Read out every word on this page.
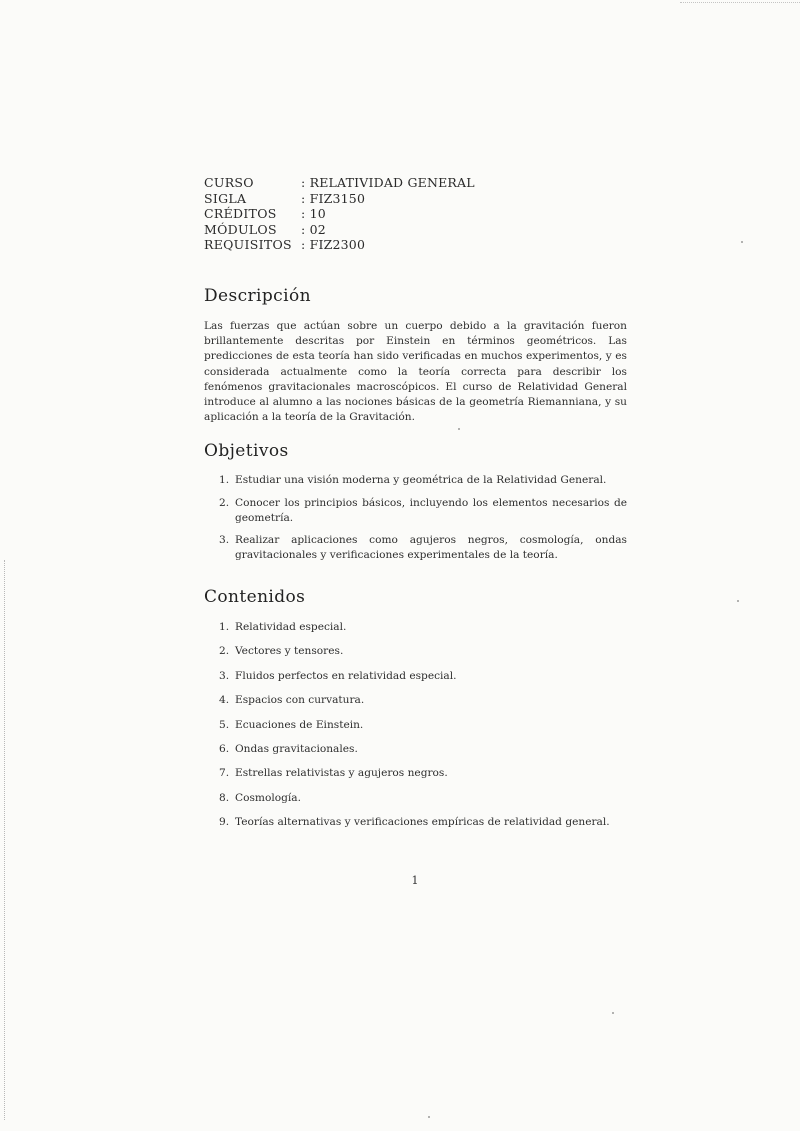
CURSO	: RELATIVIDAD GENERAL
SIGLA	: FIZ3150
CRÉDITOS	: 10
MÓDULOS	: 02
REQUISITOS	: FIZ2300
Descripción

Las fuerzas que actúan sobre un cuerpo debido a la gravitación fueron brillantemente descritas por Einstein en términos geométricos. Las predicciones de esta teoría han sido verificadas en muchos experimentos, y es considerada actualmente como la teoría correcta para describir los fenómenos gravitacionales macroscópicos. El curso de Relatividad General introduce al alumno a las nociones básicas de la geometría Riemanniana, y su aplicación a la teoría de la Gravitación.

Objetivos
1. Estudiar una visión moderna y geométrica de la Relatividad General.
2. Conocer los principios básicos, incluyendo los elementos necesarios de geometría.
3. Realizar aplicaciones como agujeros negros, cosmología, ondas gravitacionales y verificaciones experimentales de la teoría.
Contenidos
1. Relatividad especial.
2. Vectores y tensores.
3. Fluidos perfectos en relatividad especial.
4. Espacios con curvatura.
5. Ecuaciones de Einstein.
6. Ondas gravitacionales.
7. Estrellas relativistas y agujeros negros.
8. Cosmología.
9. Teorías alternativas y verificaciones empíricas de relatividad general.
1
